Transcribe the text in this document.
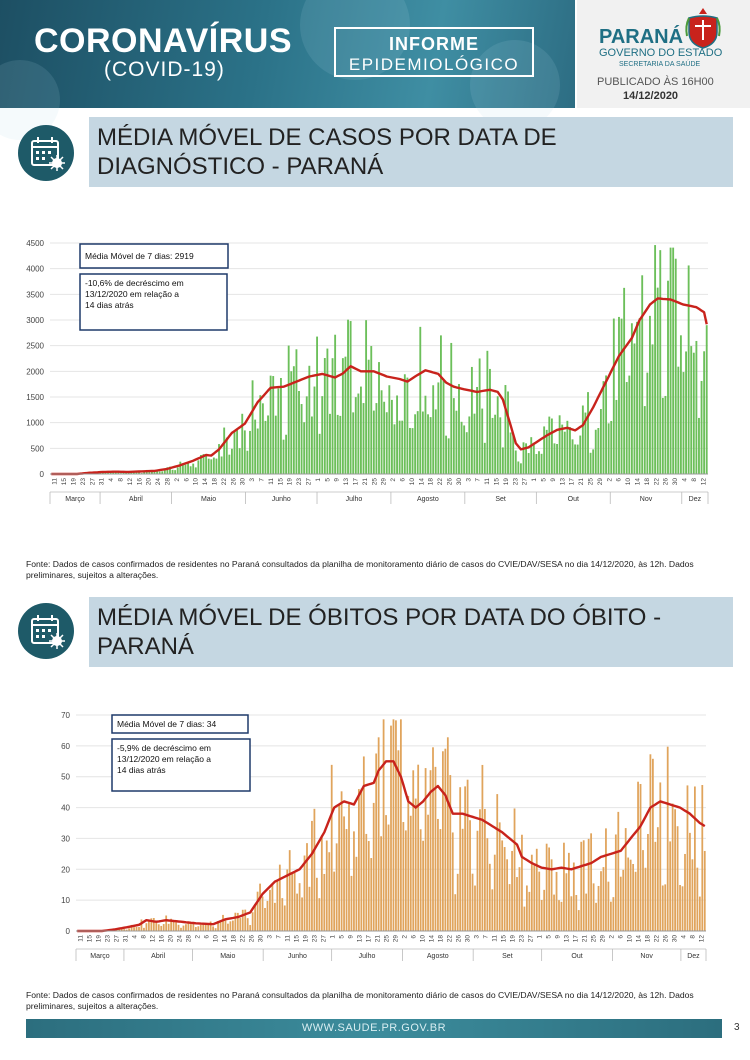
CORONAVÍRUS
(COVID-19)
INFORME
EPIDEMIOLÓGICO
PARANÁ
GOVERNO DO ESTADO
SECRETARIA DA SAÚDE
PUBLICADO ÀS 16H00
14/12/2020
MÉDIA MÓVEL DE CASOS POR DATA DE DIAGNÓSTICO - PARANÁ
0
500
1000
1500
2000
2500
3000
3500
4000
4500
11 15 19 23 27 31 4 8 12 16 20 24 28 2 6 10 14 18 22 26 30 3 7 11 15 19 23 27 1 5 9 13 17 21 25 29 2 6 10 14 18 22 26 30 3 7 11 15 19 23 27 1 5 9 13 17 21 25 29 2 6 10 14 18 22 26 30 4 8 12
Março	Abril	Maio	Junho	Julho	Agosto	Set	Out	Nov	Dez
Média Móvel de 7 dias: 2919
-10,6% de decréscimo em
13/12/2020 em relação a
14 dias atrás
Fonte: Dados de casos confirmados de residentes no Paraná consultados da planilha de monitoramento diário de casos do CVIE/DAV/SESA no dia 14/12/2020, às 12h. Dados preliminares, sujeitos a alterações.
MÉDIA MÓVEL DE ÓBITOS POR DATA DO ÓBITO - PARANÁ
0
10
20
30
40
50
60
70
11 15 19 23 27 31 4 8 12 16 20 24 28 2 6 10 14 18 22 26 30 3 7 11 15 19 23 27 1 5 9 13 17 21 25 29 2 6 10 14 18 22 26 30 3 7 11 15 19 23 27 1 5 9 13 17 21 25 29 2 6 10 14 18 22 26 30 4 8 12
Março	Abril	Maio	Junho	Julho	Agosto	Set	Out	Nov	Dez
Média Móvel de 7 dias: 34
-5,9% de decréscimo em
13/12/2020 em relação a
14 dias atrás
Fonte: Dados de casos confirmados de residentes no Paraná consultados da planilha de monitoramento diário de casos do CVIE/DAV/SESA no dia 14/12/2020, às 12h. Dados preliminares, sujeitos a alterações.
WWW.SAUDE.PR.GOV.BR	3
